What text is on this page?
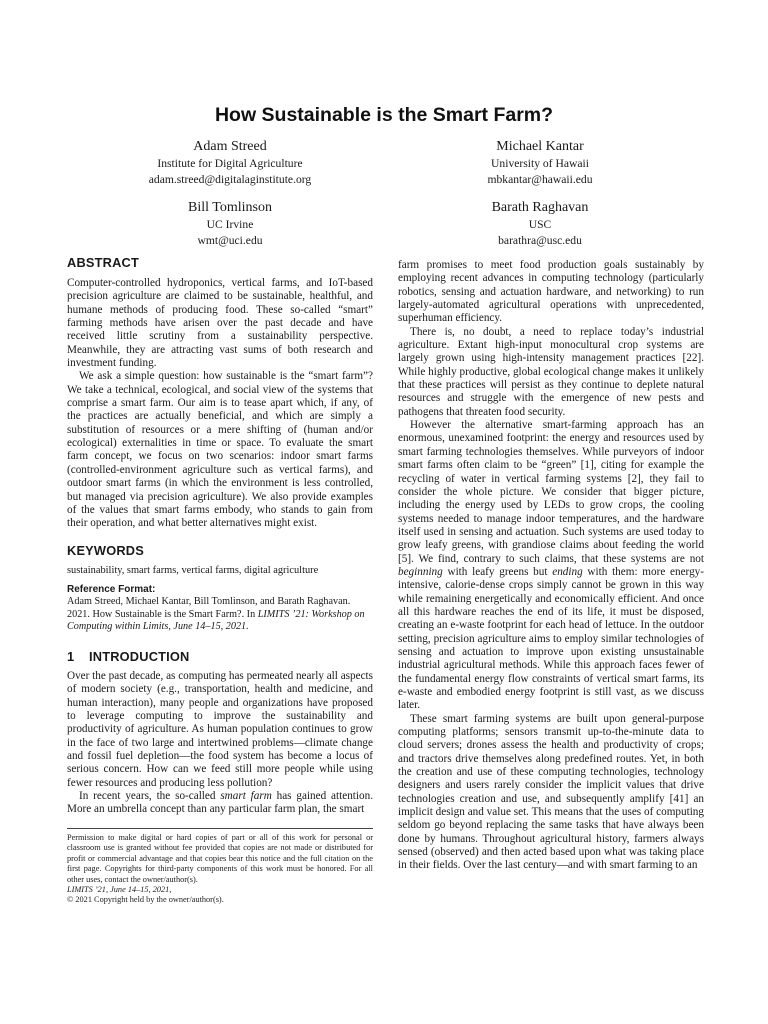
How Sustainable is the Smart Farm?
Adam Streed
Institute for Digital Agriculture
adam.streed@digitalaginstitute.org
Michael Kantar
University of Hawaii
mbkantar@hawaii.edu
Bill Tomlinson
UC Irvine
wmt@uci.edu
Barath Raghavan
USC
barathra@usc.edu
ABSTRACT

Computer-controlled hydroponics, vertical farms, and IoT-based precision agriculture are claimed to be sustainable, healthful, and humane methods of producing food. These so-called “smart” farming methods have arisen over the past decade and have received little scrutiny from a sustainability perspective. Meanwhile, they are attracting vast sums of both research and investment funding.

We ask a simple question: how sustainable is the “smart farm”? We take a technical, ecological, and social view of the systems that comprise a smart farm. Our aim is to tease apart which, if any, of the practices are actually beneficial, and which are simply a substitution of resources or a mere shifting of (human and/or ecological) externalities in time or space. To evaluate the smart farm concept, we focus on two scenarios: indoor smart farms (controlled-environment agriculture such as vertical farms), and outdoor smart farms (in which the environment is less controlled, but managed via precision agriculture). We also provide examples of the values that smart farms embody, who stands to gain from their operation, and what better alternatives might exist.

KEYWORDS

sustainability, smart farms, vertical farms, digital agriculture

Reference Format:

Adam Streed, Michael Kantar, Bill Tomlinson, and Barath Raghavan. 2021. How Sustainable is the Smart Farm?. In LIMITS ’21: Workshop on Computing within Limits, June 14–15, 2021.

1 INTRODUCTION

Over the past decade, as computing has permeated nearly all aspects of modern society (e.g., transportation, health and medicine, and human interaction), many people and organizations have proposed to leverage computing to improve the sustainability and productivity of agriculture. As human population continues to grow in the face of two large and intertwined problems—climate change and fossil fuel depletion—the food system has become a locus of serious concern. How can we feed still more people while using fewer resources and producing less pollution?

In recent years, the so-called smart farm has gained attention. More an umbrella concept than any particular farm plan, the smart

Permission to make digital or hard copies of part or all of this work for personal or classroom use is granted without fee provided that copies are not made or distributed for profit or commercial advantage and that copies bear this notice and the full citation on the first page. Copyrights for third-party components of this work must be honored. For all other uses, contact the owner/author(s).

LIMITS ’21, June 14–15, 2021,

© 2021 Copyright held by the owner/author(s).

farm promises to meet food production goals sustainably by employing recent advances in computing technology (particularly robotics, sensing and actuation hardware, and networking) to run largely-automated agricultural operations with unprecedented, superhuman efficiency.

There is, no doubt, a need to replace today’s industrial agriculture. Extant high-input monocultural crop systems are largely grown using high-intensity management practices [22]. While highly productive, global ecological change makes it unlikely that these practices will persist as they continue to deplete natural resources and struggle with the emergence of new pests and pathogens that threaten food security.

However the alternative smart-farming approach has an enormous, unexamined footprint: the energy and resources used by smart farming technologies themselves. While purveyors of indoor smart farms often claim to be “green” [1], citing for example the recycling of water in vertical farming systems [2], they fail to consider the whole picture. We consider that bigger picture, including the energy used by LEDs to grow crops, the cooling systems needed to manage indoor temperatures, and the hardware itself used in sensing and actuation. Such systems are used today to grow leafy greens, with grandiose claims about feeding the world [5]. We find, contrary to such claims, that these systems are not beginning with leafy greens but ending with them: more energy-intensive, calorie-dense crops simply cannot be grown in this way while remaining energetically and economically efficient. And once all this hardware reaches the end of its life, it must be disposed, creating an e-waste footprint for each head of lettuce. In the outdoor setting, precision agriculture aims to employ similar technologies of sensing and actuation to improve upon existing unsustainable industrial agricultural methods. While this approach faces fewer of the fundamental energy flow constraints of vertical smart farms, its e-waste and embodied energy footprint is still vast, as we discuss later.

These smart farming systems are built upon general-purpose computing platforms; sensors transmit up-to-the-minute data to cloud servers; drones assess the health and productivity of crops; and tractors drive themselves along predefined routes. Yet, in both the creation and use of these computing technologies, technology designers and users rarely consider the implicit values that drive technologies creation and use, and subsequently amplify [41] an implicit design and value set. This means that the uses of computing seldom go beyond replacing the same tasks that have always been done by humans. Throughout agricultural history, farmers always sensed (observed) and then acted based upon what was taking place in their fields. Over the last century—and with smart farming to an
